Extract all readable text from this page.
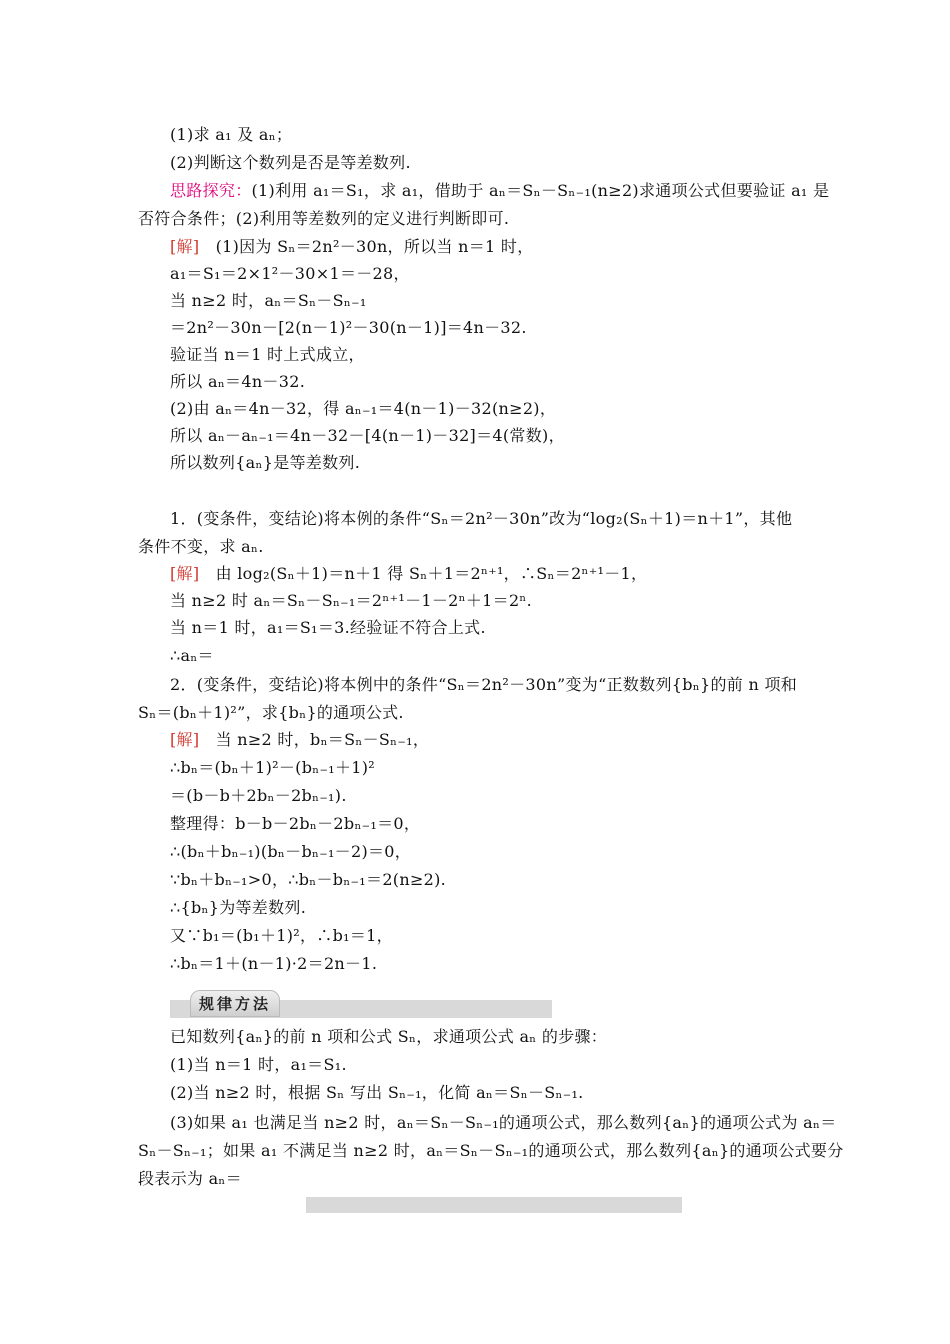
(1)求 a₁ 及 aₙ；
(2)判断这个数列是否是等差数列.
思路探究：(1)利用 a₁＝S₁，求 a₁，借助于 aₙ＝Sₙ－Sₙ₋₁(n≥2)求通项公式但要验证 a₁ 是
否符合条件；(2)利用等差数列的定义进行判断即可.
[解] (1)因为 Sₙ＝2n²－30n，所以当 n＝1 时，
a₁＝S₁＝2×1²－30×1＝－28，
当 n≥2 时，aₙ＝Sₙ－Sₙ₋₁
＝2n²－30n－[2(n－1)²－30(n－1)]＝4n－32.
验证当 n＝1 时上式成立，
所以 aₙ＝4n－32.
(2)由 aₙ＝4n－32，得 aₙ₋₁＝4(n－1)－32(n≥2)，
所以 aₙ－aₙ₋₁＝4n－32－[4(n－1)－32]＝4(常数)，
所以数列{aₙ}是等差数列.
1．(变条件，变结论)将本例的条件“Sₙ＝2n²－30n”改为“log₂(Sₙ＋1)＝n＋1”，其他
条件不变，求 aₙ.
[解] 由 log₂(Sₙ＋1)＝n＋1 得 Sₙ＋1＝2ⁿ⁺¹，∴Sₙ＝2ⁿ⁺¹－1，
当 n≥2 时 aₙ＝Sₙ－Sₙ₋₁＝2ⁿ⁺¹－1－2ⁿ＋1＝2ⁿ.
当 n＝1 时，a₁＝S₁＝3.经验证不符合上式.
∴aₙ＝
2．(变条件，变结论)将本例中的条件“Sₙ＝2n²－30n”变为“正数数列{bₙ}的前 n 项和
Sₙ＝(bₙ＋1)²”，求{bₙ}的通项公式.
[解] 当 n≥2 时，bₙ＝Sₙ－Sₙ₋₁，
∴bₙ＝(bₙ＋1)²－(bₙ₋₁＋1)²
＝(b－b＋2bₙ－2bₙ₋₁).
整理得：b－b－2bₙ－2bₙ₋₁＝0，
∴(bₙ＋bₙ₋₁)(bₙ－bₙ₋₁－2)＝0，
∵bₙ＋bₙ₋₁>0，∴bₙ－bₙ₋₁＝2(n≥2).
∴{bₙ}为等差数列.
又∵b₁＝(b₁＋1)²，∴b₁＝1，
∴bₙ＝1＋(n－1)·2＝2n－1.
规律方法
已知数列{aₙ}的前 n 项和公式 Sₙ，求通项公式 aₙ 的步骤：
(1)当 n＝1 时，a₁＝S₁.
(2)当 n≥2 时，根据 Sₙ 写出 Sₙ₋₁，化简 aₙ＝Sₙ－Sₙ₋₁.
(3)如果 a₁ 也满足当 n≥2 时，aₙ＝Sₙ－Sₙ₋₁的通项公式，那么数列{aₙ}的通项公式为 aₙ＝
Sₙ－Sₙ₋₁；如果 a₁ 不满足当 n≥2 时，aₙ＝Sₙ－Sₙ₋₁的通项公式，那么数列{aₙ}的通项公式要分
段表示为 aₙ＝
